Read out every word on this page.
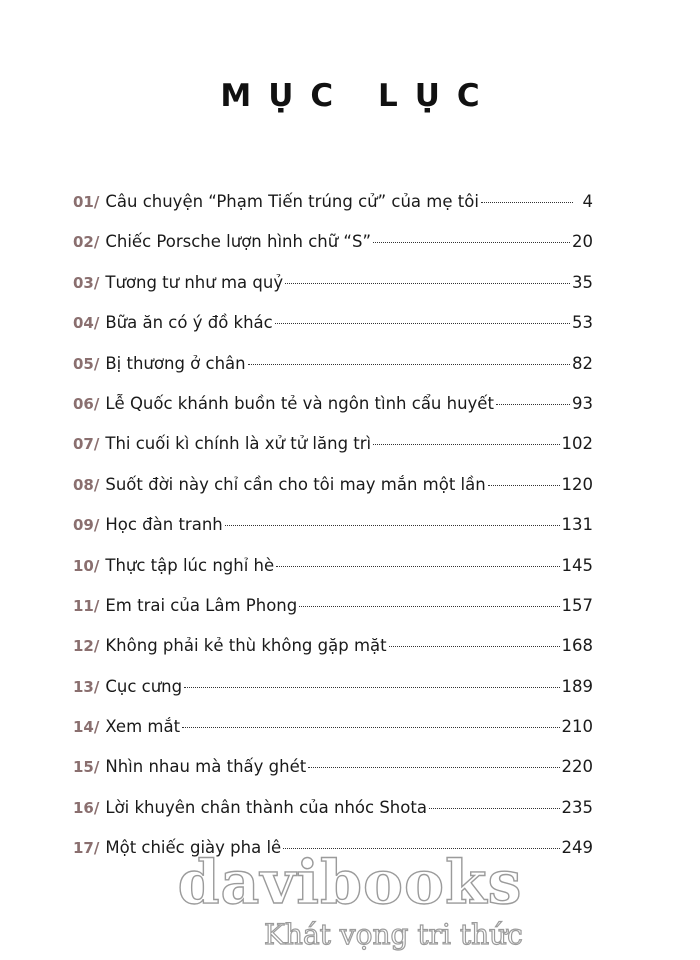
MỤC LỤC
01/ Câu chuyện “Phạm Tiến trúng cử” của mẹ tôi	4
02/ Chiếc Porsche lượn hình chữ “S”	20
03/ Tương tư như ma quỷ	35
04/ Bữa ăn có ý đồ khác	53
05/ Bị thương ở chân	82
06/ Lễ Quốc khánh buồn tẻ và ngôn tình cẩu huyết	93
07/ Thi cuối kì chính là xử tử lăng trì	102
08/ Suốt đời này chỉ cần cho tôi may mắn một lần	120
09/ Học đàn tranh	131
10/ Thực tập lúc nghỉ hè	145
11/ Em trai của Lâm Phong	157
12/ Không phải kẻ thù không gặp mặt	168
13/ Cục cưng	189
14/ Xem mắt	210
15/ Nhìn nhau mà thấy ghét	220
16/ Lời khuyên chân thành của nhóc Shota	235
17/ Một chiếc giày pha lê	249
davibooks
Khát vọng tri thức
